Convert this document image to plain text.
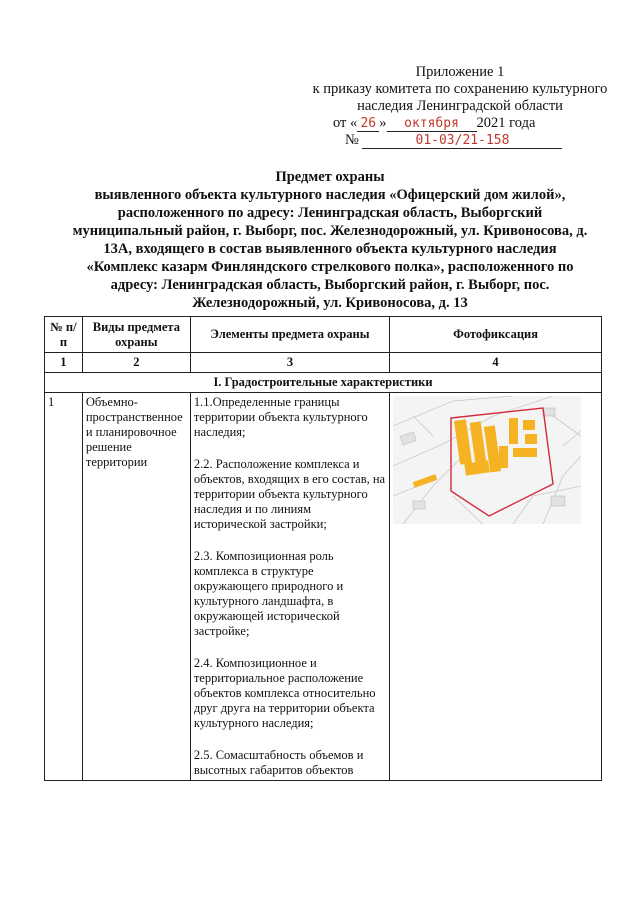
Приложение 1
к приказу комитета по сохранению культурного
наследия Ленинградской области
от « 26 » октября 2021 года
№	01-03/21-158
Предмет охраны
выявленного объекта культурного наследия «Офицерский дом жилой», расположенного по адресу: Ленинградская область, Выборгский муниципальный район, г. Выборг, пос. Железнодорожный, ул. Кривоносова, д. 13А, входящего в состав выявленного объекта культурного наследия «Комплекс казарм Финляндского стрелкового полка», расположенного по адресу: Ленинградская область, Выборгский район, г. Выборг, пос. Железнодорожный, ул. Кривоносова, д. 13
№ п/п	Виды предмета охраны	Элементы предмета охраны	Фотофиксация
1	2	3	4
I. Градостроительные характеристики			
1	Объемно-пространственное и планировочное решение территории	1.1.Определенные границы территории объекта культурного наследия;

2.2. Расположение комплекса и объектов, входящих в его состав, на территории объекта культурного наследия и по линиям исторической застройки;

2.3. Композиционная роль комплекса в структуре окружающего природного и культурного ландшафта, в окружающей исторической застройке;

2.4. Композиционное и территориальное расположение объектов комплекса относительно друг друга на территории объекта культурного наследия;

2.5. Сомасштабность объемов и высотных габаритов объектов
